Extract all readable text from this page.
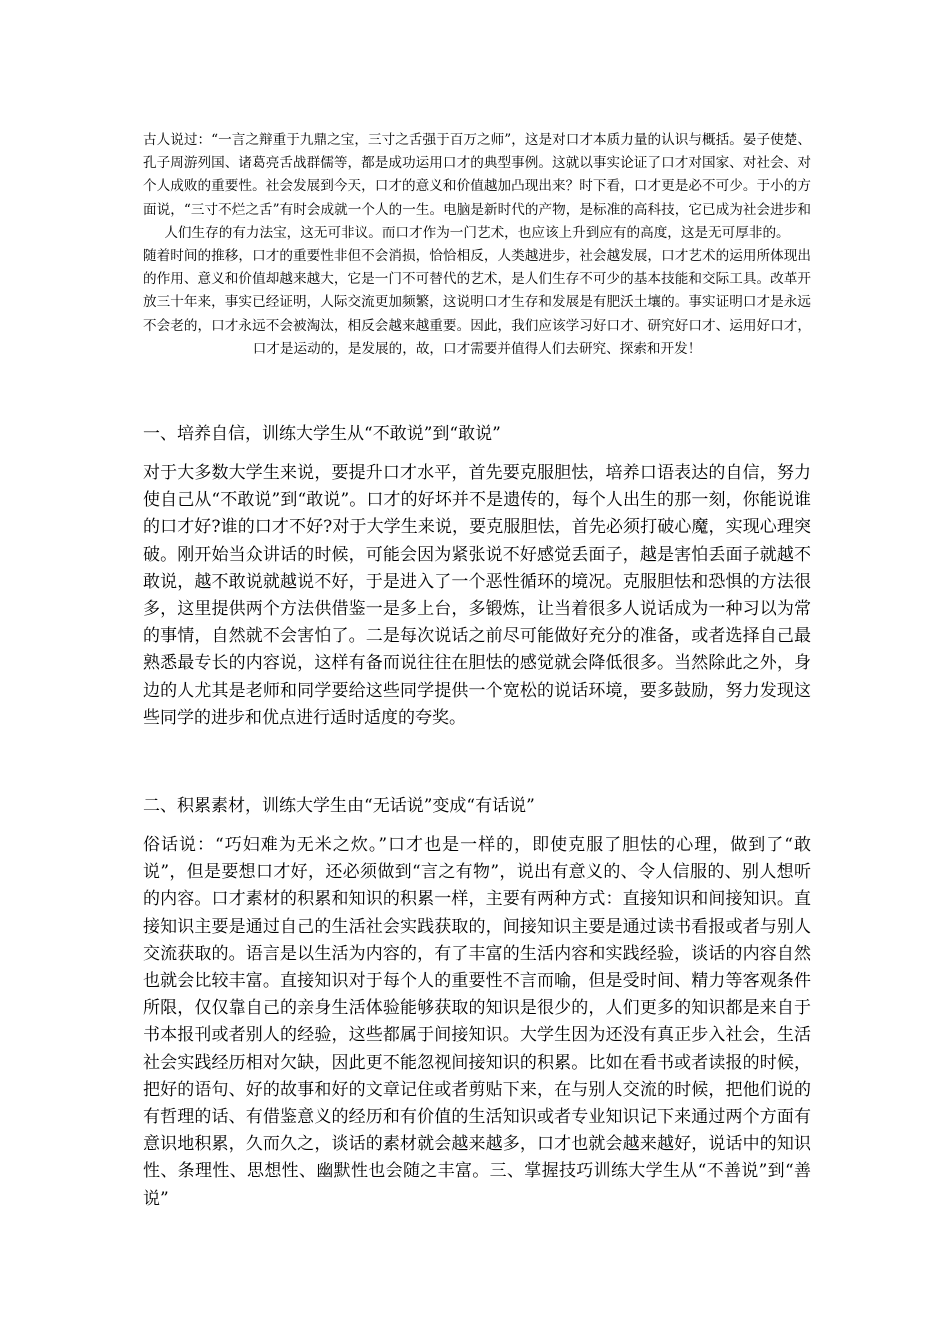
古人说过：“一言之辩重于九鼎之宝，三寸之舌强于百万之师”，这是对口才本质力量的认识与概括。晏子使楚、孔子周游列国、诸葛亮舌战群儒等，都是成功运用口才的典型事例。这就以事实论证了口才对国家、对社会、对个人成败的重要性。社会发展到今天，口才的意义和价值越加凸现出来？时下看，口才更是必不可少。于小的方面说，“三寸不烂之舌”有时会成就一个人的一生。电脑是新时代的产物，是标准的高科技，它已成为社会进步和人们生存的有力法宝，这无可非议。而口才作为一门艺术，也应该上升到应有的高度，这是无可厚非的。

随着时间的推移，口才的重要性非但不会消损，恰恰相反，人类越进步，社会越发展，口才艺术的运用所体现出的作用、意义和价值却越来越大，它是一门不可替代的艺术，是人们生存不可少的基本技能和交际工具。改革开放三十年来，事实已经证明，人际交流更加频繁，这说明口才生存和发展是有肥沃土壤的。事实证明口才是永远不会老的，口才永远不会被淘汰，相反会越来越重要。因此，我们应该学习好口才、研究好口才、运用好口才，口才是运动的，是发展的，故，口才需要并值得人们去研究、探索和开发！

一、培养自信，训练大学生从“不敢说”到“敢说”

对于大多数大学生来说，要提升口才水平，首先要克服胆怯，培养口语表达的自信，努力使自己从“不敢说”到“敢说”。口才的好坏并不是遗传的，每个人出生的那一刻，你能说谁的口才好?谁的口才不好?对于大学生来说，要克服胆怯，首先必须打破心魔，实现心理突破。刚开始当众讲话的时候，可能会因为紧张说不好感觉丢面子，越是害怕丢面子就越不敢说，越不敢说就越说不好，于是进入了一个恶性循环的境况。克服胆怯和恐惧的方法很多，这里提供两个方法供借鉴一是多上台，多锻炼，让当着很多人说话成为一种习以为常的事情，自然就不会害怕了。二是每次说话之前尽可能做好充分的准备，或者选择自己最熟悉最专长的内容说，这样有备而说往往在胆怯的感觉就会降低很多。当然除此之外，身边的人尤其是老师和同学要给这些同学提供一个宽松的说话环境，要多鼓励，努力发现这些同学的进步和优点进行适时适度的夸奖。

二、积累素材，训练大学生由“无话说”变成“有话说”

俗话说：“巧妇难为无米之炊。”口才也是一样的，即使克服了胆怯的心理，做到了“敢说”，但是要想口才好，还必须做到“言之有物”，说出有意义的、令人信服的、别人想听的内容。口才素材的积累和知识的积累一样，主要有两种方式：直接知识和间接知识。直接知识主要是通过自己的生活社会实践获取的，间接知识主要是通过读书看报或者与别人交流获取的。语言是以生活为内容的，有了丰富的生活内容和实践经验，谈话的内容自然也就会比较丰富。直接知识对于每个人的重要性不言而喻，但是受时间、精力等客观条件所限，仅仅靠自己的亲身生活体验能够获取的知识是很少的，人们更多的知识都是来自于书本报刊或者别人的经验，这些都属于间接知识。大学生因为还没有真正步入社会，生活社会实践经历相对欠缺，因此更不能忽视间接知识的积累。比如在看书或者读报的时候，把好的语句、好的故事和好的文章记住或者剪贴下来，在与别人交流的时候，把他们说的有哲理的话、有借鉴意义的经历和有价值的生活知识或者专业知识记下来通过两个方面有意识地积累，久而久之，谈话的素材就会越来越多，口才也就会越来越好，说话中的知识性、条理性、思想性、幽默性也会随之丰富。三、掌握技巧训练大学生从“不善说”到“善说”
